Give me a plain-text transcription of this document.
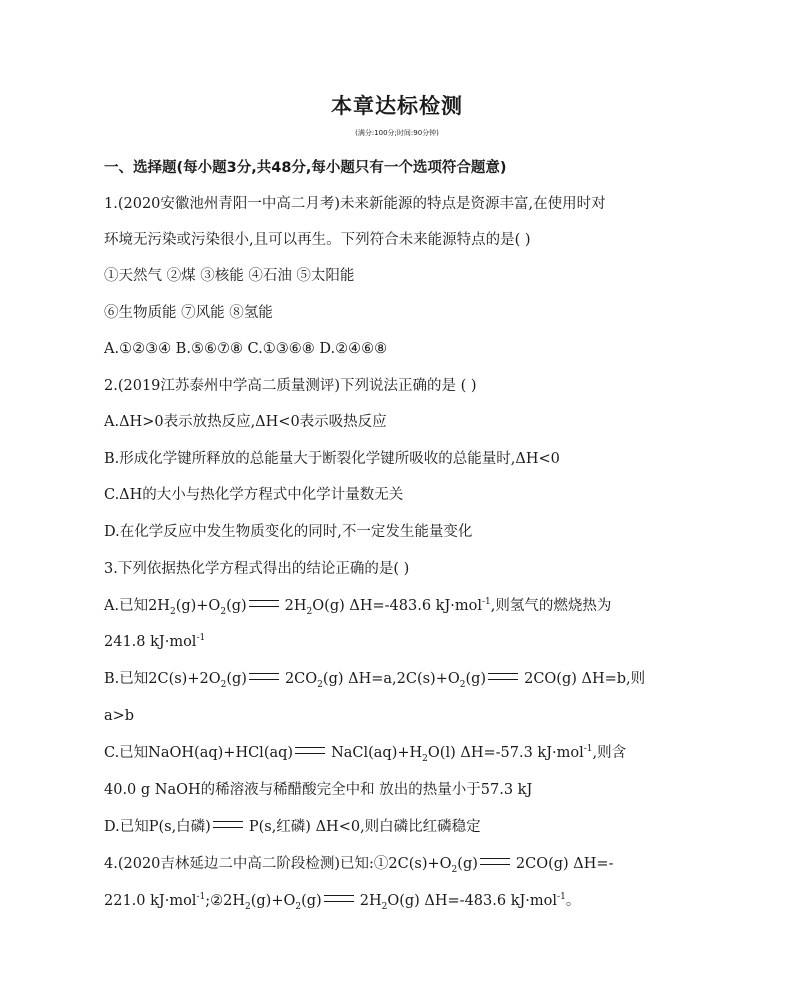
本章达标检测
(满分:100分;时间:90分钟)
一、选择题(每小题3分,共48分,每小题只有一个选项符合题意)
1.(2020安徽池州青阳一中高二月考)未来新能源的特点是资源丰富,在使用时对
环境无污染或污染很小,且可以再生。下列符合未来能源特点的是( )
①天然气 ②煤 ③核能 ④石油 ⑤太阳能
⑥生物质能 ⑦风能 ⑧氢能
A.①②③④ B.⑤⑥⑦⑧ C.①③⑥⑧ D.②④⑥⑧
2.(2019江苏泰州中学高二质量测评)下列说法正确的是 ( )
A.ΔH>0表示放热反应,ΔH<0表示吸热反应
B.形成化学键所释放的总能量大于断裂化学键所吸收的总能量时,ΔH<0
C.ΔH的大小与热化学方程式中化学计量数无关
D.在化学反应中发生物质变化的同时,不一定发生能量变化
3.下列依据热化学方程式得出的结论正确的是( )
A.已知$2H_2(g)+O_2(g)$	$2H_2O(g)$ ΔH=-483.6 kJ·mol$^{-1}$,则氢气的燃烧热为
241.8 kJ·mol$^{-1}$
B.已知$2C(s)+2O_2(g)$	$2CO_2(g)$ $\Delta H=a,2C(s)+O_2(g)$	2CO(g) ΔH=b,则
a>b
C.已知NaOH(aq)+HCl(aq)	$NaCl(aq)+H_2O(l)$ ΔH=-57.3 kJ·mol$^{-1}$,则含
40.0 g NaOH的稀溶液与稀醋酸完全中和 放出的热量小于57.3 kJ
D.已知P(s,白磷)	P(s,红磷) ΔH<0,则白磷比红磷稳定
4.(2020吉林延边二中高二阶段检测)已知$:①2C(s)+O_2(g)$	2CO(g) ΔH=-
221.0 $kJ\cdot mol^{-1};②2H_2(g)+O_2(g)$	$2H_2O(g)$ ΔH=-483.6 kJ·mol$^{-1}$。
